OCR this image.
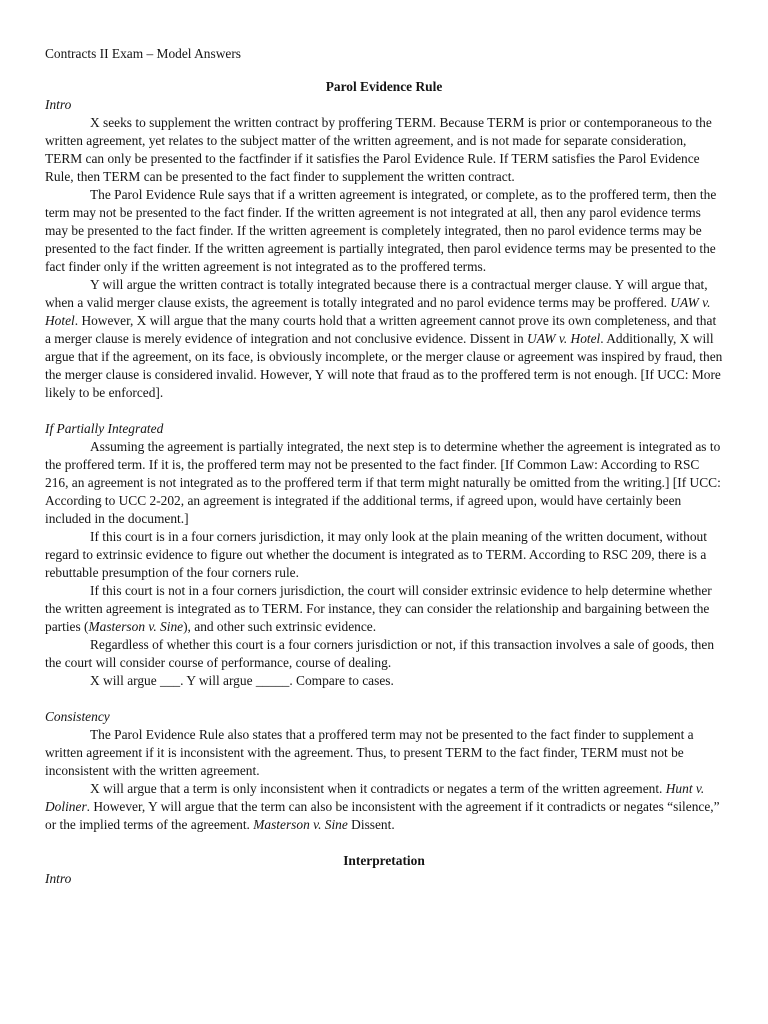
Contracts II Exam – Model Answers

Parol Evidence Rule

Intro

X seeks to supplement the written contract by proffering TERM. Because TERM is prior or contemporaneous to the written agreement, yet relates to the subject matter of the written agreement, and is not made for separate consideration, TERM can only be presented to the factfinder if it satisfies the Parol Evidence Rule. If TERM satisfies the Parol Evidence Rule, then TERM can be presented to the fact finder to supplement the written contract.

The Parol Evidence Rule says that if a written agreement is integrated, or complete, as to the proffered term, then the term may not be presented to the fact finder. If the written agreement is not integrated at all, then any parol evidence terms may be presented to the fact finder. If the written agreement is completely integrated, then no parol evidence terms may be presented to the fact finder. If the written agreement is partially integrated, then parol evidence terms may be presented to the fact finder only if the written agreement is not integrated as to the proffered terms.

Y will argue the written contract is totally integrated because there is a contractual merger clause. Y will argue that, when a valid merger clause exists, the agreement is totally integrated and no parol evidence terms may be proffered. UAW v. Hotel. However, X will argue that the many courts hold that a written agreement cannot prove its own completeness, and that a merger clause is merely evidence of integration and not conclusive evidence. Dissent in UAW v. Hotel. Additionally, X will argue that if the agreement, on its face, is obviously incomplete, or the merger clause or agreement was inspired by fraud, then the merger clause is considered invalid. However, Y will note that fraud as to the proffered term is not enough. [If UCC: More likely to be enforced].

If Partially Integrated

Assuming the agreement is partially integrated, the next step is to determine whether the agreement is integrated as to the proffered term. If it is, the proffered term may not be presented to the fact finder. [If Common Law: According to RSC 216, an agreement is not integrated as to the proffered term if that term might naturally be omitted from the writing.] [If UCC: According to UCC 2-202, an agreement is integrated if the additional terms, if agreed upon, would have certainly been included in the document.]

If this court is in a four corners jurisdiction, it may only look at the plain meaning of the written document, without regard to extrinsic evidence to figure out whether the document is integrated as to TERM. According to RSC 209, there is a rebuttable presumption of the four corners rule.

If this court is not in a four corners jurisdiction, the court will consider extrinsic evidence to help determine whether the written agreement is integrated as to TERM. For instance, they can consider the relationship and bargaining between the parties (Masterson v. Sine), and other such extrinsic evidence.

Regardless of whether this court is a four corners jurisdiction or not, if this transaction involves a sale of goods, then the court will consider course of performance, course of dealing.

X will argue ___. Y will argue _____. Compare to cases.

Consistency

The Parol Evidence Rule also states that a proffered term may not be presented to the fact finder to supplement a written agreement if it is inconsistent with the agreement. Thus, to present TERM to the fact finder, TERM must not be inconsistent with the written agreement.

X will argue that a term is only inconsistent when it contradicts or negates a term of the written agreement. Hunt v. Doliner. However, Y will argue that the term can also be inconsistent with the agreement if it contradicts or negates “silence,” or the implied terms of the agreement. Masterson v. Sine Dissent.

Interpretation

Intro
